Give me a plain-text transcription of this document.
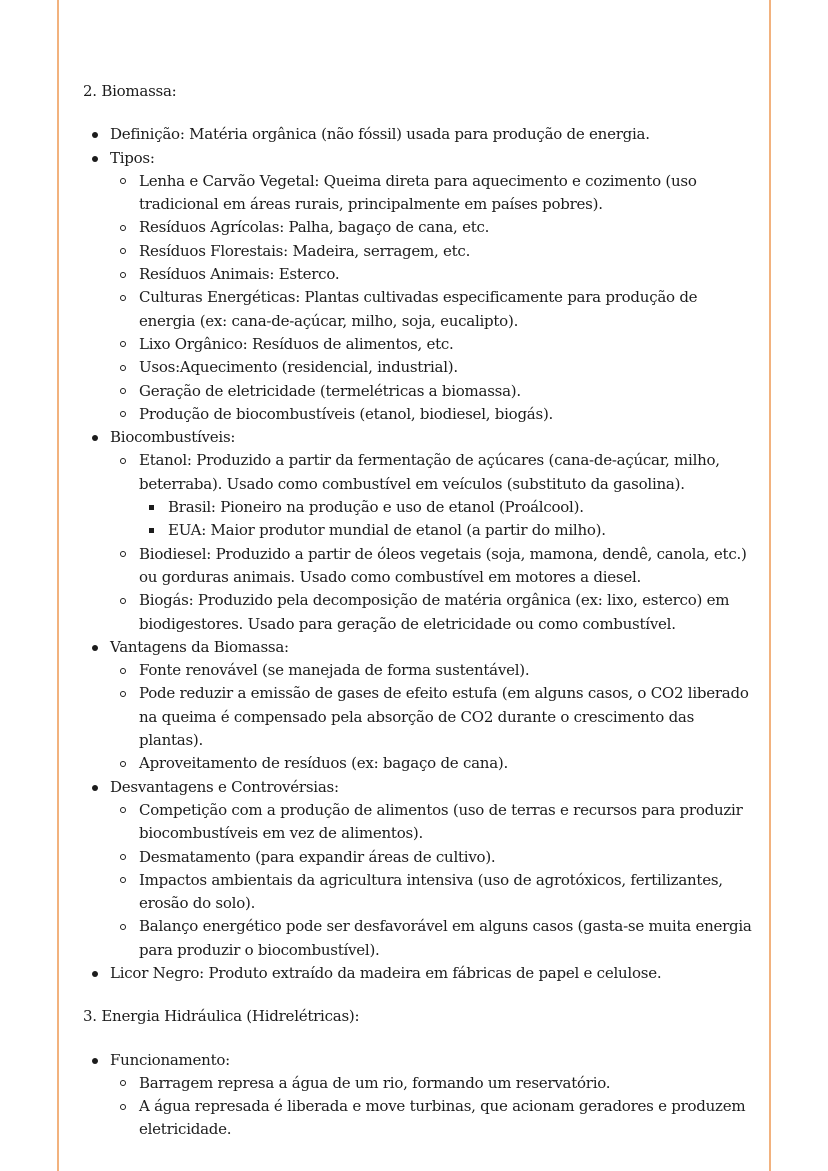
2. Biomassa:
Definição: Matéria orgânica (não fóssil) usada para produção de energia.
Tipos:
Lenha e Carvão Vegetal: Queima direta para aquecimento e cozimento (uso tradicional em áreas rurais, principalmente em países pobres).
Resíduos Agrícolas: Palha, bagaço de cana, etc.
Resíduos Florestais: Madeira, serragem, etc.
Resíduos Animais: Esterco.
Culturas Energéticas: Plantas cultivadas especificamente para produção de energia (ex: cana-de-açúcar, milho, soja, eucalipto).
Lixo Orgânico: Resíduos de alimentos, etc.
Usos:Aquecimento (residencial, industrial).
Geração de eletricidade (termelétricas a biomassa).
Produção de biocombustíveis (etanol, biodiesel, biogás).
Biocombustíveis:
Etanol: Produzido a partir da fermentação de açúcares (cana-de-açúcar, milho, beterraba). Usado como combustível em veículos (substituto da gasolina).
Brasil: Pioneiro na produção e uso de etanol (Proálcool).
EUA: Maior produtor mundial de etanol (a partir do milho).
Biodiesel: Produzido a partir de óleos vegetais (soja, mamona, dendê, canola, etc.) ou gorduras animais. Usado como combustível em motores a diesel.
Biogás: Produzido pela decomposição de matéria orgânica (ex: lixo, esterco) em biodigestores. Usado para geração de eletricidade ou como combustível.
Vantagens da Biomassa:
Fonte renovável (se manejada de forma sustentável).
Pode reduzir a emissão de gases de efeito estufa (em alguns casos, o CO2 liberado na queima é compensado pela absorção de CO2 durante o crescimento das plantas).
Aproveitamento de resíduos (ex: bagaço de cana).
Desvantagens e Controvérsias:
Competição com a produção de alimentos (uso de terras e recursos para produzir biocombustíveis em vez de alimentos).
Desmatamento (para expandir áreas de cultivo).
Impactos ambientais da agricultura intensiva (uso de agrotóxicos, fertilizantes, erosão do solo).
Balanço energético pode ser desfavorável em alguns casos (gasta-se muita energia para produzir o biocombustível).
Licor Negro: Produto extraído da madeira em fábricas de papel e celulose.
3. Energia Hidráulica (Hidrelétricas):
Funcionamento:
Barragem represa a água de um rio, formando um reservatório.
A água represada é liberada e move turbinas, que acionam geradores e produzem eletricidade.
